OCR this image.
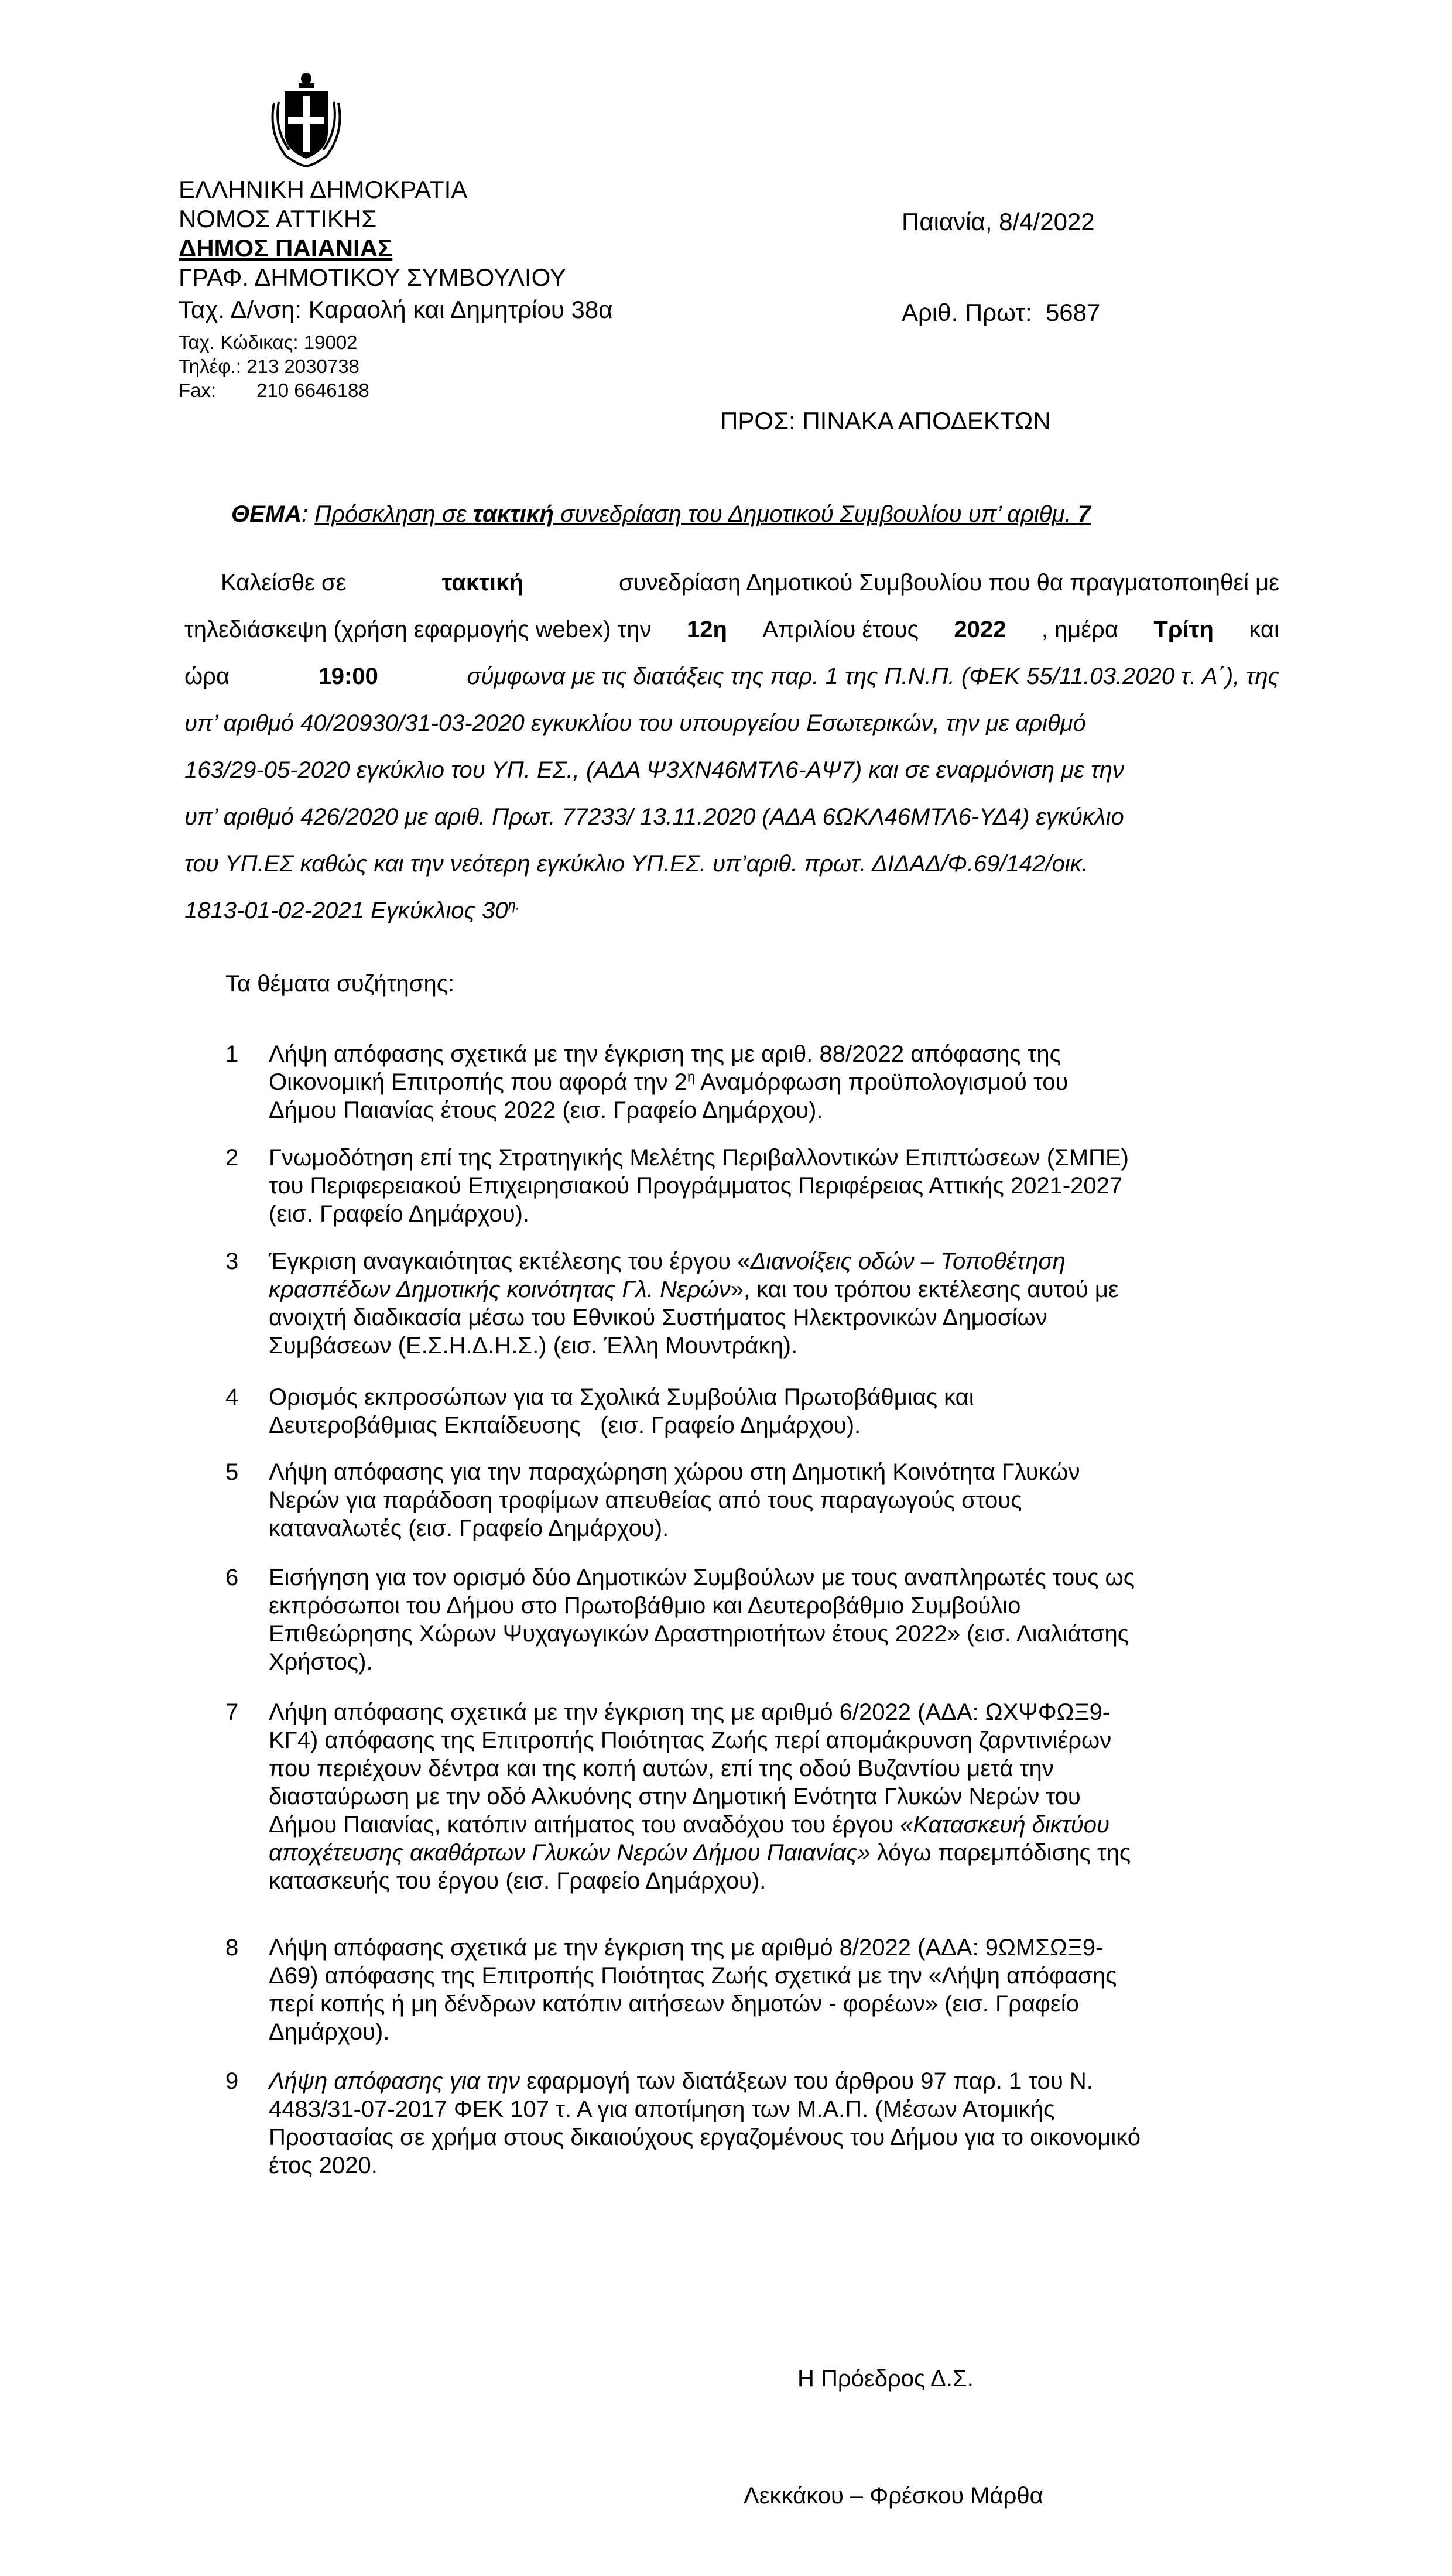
ΕΛΛΗΝΙΚΗ ΔΗΜΟΚΡΑΤΙΑ
ΝΟΜΟΣ ΑΤΤΙΚΗΣ
ΔΗΜΟΣ ΠΑΙΑΝΙΑΣ
ΓΡΑΦ. ΔΗΜΟΤΙΚΟΥ ΣΥΜΒΟΥΛΙΟΥ
Ταχ. Δ/νση: Καραολή και Δημητρίου 38α
Ταχ. Κώδικας: 19002
Τηλέφ.: 213 2030738
Fax: 210 6646188
Παιανία, 8/4/2022
Αριθ. Πρωτ:  5687
ΠΡΟΣ: ΠΙΝΑΚΑ ΑΠΟΔΕΚΤΩΝ
ΘΕΜΑ: Πρόσκληση σε τακτική συνεδρίαση του Δημοτικού Συμβουλίου υπ’ αριθμ. 7
Καλείσθε σε	τακτική	συνεδρίαση Δημοτικού Συμβουλίου που θα πραγματοποιηθεί με
τηλεδιάσκεψη (χρήση εφαρμογής webex) την 12η Απριλίου έτους 2022 , ημέρα Τρίτη και
ώρα	19:00	σύμφωνα με τις διατάξεις της παρ. 1 της Π.Ν.Π. (ΦΕΚ 55/11.03.2020 τ. Α΄), της
υπ’ αριθμό 40/20930/31-03-2020 εγκυκλίου του υπουργείου Εσωτερικών, την με αριθμό
163/29-05-2020 εγκύκλιο του ΥΠ. ΕΣ., (ΑΔΑ Ψ3ΧΝ46ΜΤΛ6-ΑΨ7) και σε εναρμόνιση με την
υπ’ αριθμό 426/2020 με αριθ. Πρωτ. 77233/ 13.11.2020 (ΑΔΑ 6ΩΚΛ46ΜΤΛ6-ΥΔ4) εγκύκλιο
του ΥΠ.ΕΣ καθώς και την νεότερη εγκύκλιο ΥΠ.ΕΣ. υπ’αριθ. πρωτ. ΔΙΔΑΔ/Φ.69/142/οικ.
1813-01-02-2021 Εγκύκλιος $30^{\eta.}$
Τα θέματα συζήτησης:
1	Λήψη απόφασης σχετικά με την έγκριση της με αριθ. 88/2022 απόφασης της
Οικονομική Επιτροπής που αφορά την $2^\eta$ Αναμόρφωση προϋπολογισμού του
Δήμου Παιανίας έτους 2022 (εισ. Γραφείο Δημάρχου).
2	Γνωμοδότηση επί της Στρατηγικής Μελέτης Περιβαλλοντικών Επιπτώσεων (ΣΜΠΕ)
του Περιφερειακού Επιχειρησιακού Προγράμματος Περιφέρειας Αττικής 2021-2027
(εισ. Γραφείο Δημάρχου).
3	Έγκριση αναγκαιότητας εκτέλεσης του έργου «Διανοίξεις οδών – Τοποθέτηση
κρασπέδων Δημοτικής κοινότητας Γλ. Νερών», και του τρόπου εκτέλεσης αυτού με
ανοιχτή διαδικασία μέσω του Εθνικού Συστήματος Ηλεκτρονικών Δημοσίων
Συμβάσεων (Ε.Σ.Η.Δ.Η.Σ.) (εισ. Έλλη Μουντράκη).
4	Ορισμός εκπροσώπων για τα Σχολικά Συμβούλια Πρωτοβάθμιας και
Δευτεροβάθμιας Εκπαίδευσης   (εισ. Γραφείο Δημάρχου).
5	Λήψη απόφασης για την παραχώρηση χώρου στη Δημοτική Κοινότητα Γλυκών
Νερών για παράδοση τροφίμων απευθείας από τους παραγωγούς στους
καταναλωτές (εισ. Γραφείο Δημάρχου).
6	Εισήγηση για τον ορισμό δύο Δημοτικών Συμβούλων με τους αναπληρωτές τους ως
εκπρόσωποι του Δήμου στο Πρωτοβάθμιο και Δευτεροβάθμιο Συμβούλιο
Επιθεώρησης Χώρων Ψυχαγωγικών Δραστηριοτήτων έτους 2022» (εισ. Λιαλιάτσης
Χρήστος).
7	Λήψη απόφασης σχετικά με την έγκριση της με αριθμό 6/2022 (ΑΔΑ: ΩΧΨΦΩΞ9-
ΚΓ4) απόφασης της Επιτροπής Ποιότητας Ζωής περί απομάκρυνση ζαρντινιέρων
που περιέχουν δέντρα και της κοπή αυτών, επί της οδού Βυζαντίου μετά την
διασταύρωση με την οδό Αλκυόνης στην Δημοτική Ενότητα Γλυκών Νερών του
Δήμου Παιανίας, κατόπιν αιτήματος του αναδόχου του έργου «Κατασκευή δικτύου
αποχέτευσης ακαθάρτων Γλυκών Νερών Δήμου Παιανίας» λόγω παρεμπόδισης της
κατασκευής του έργου (εισ. Γραφείο Δημάρχου).
8	Λήψη απόφασης σχετικά με την έγκριση της με αριθμό 8/2022 (ΑΔΑ: 9ΩΜΣΩΞ9-
Δ69) απόφασης της Επιτροπής Ποιότητας Ζωής σχετικά με την «Λήψη απόφασης
περί κοπής ή μη δένδρων κατόπιν αιτήσεων δημοτών - φορέων» (εισ. Γραφείο
Δημάρχου).
9	Λήψη απόφασης για την εφαρμογή των διατάξεων του άρθρου 97 παρ. 1 του Ν.
4483/31-07-2017 ΦΕΚ 107 τ. Α για αποτίμηση των Μ.Α.Π. (Μέσων Ατομικής
Προστασίας σε χρήμα στους δικαιούχους εργαζομένους του Δήμου για το οικονομικό
έτος 2020.
Η Πρόεδρος Δ.Σ.
Λεκκάκου – Φρέσκου Μάρθα
